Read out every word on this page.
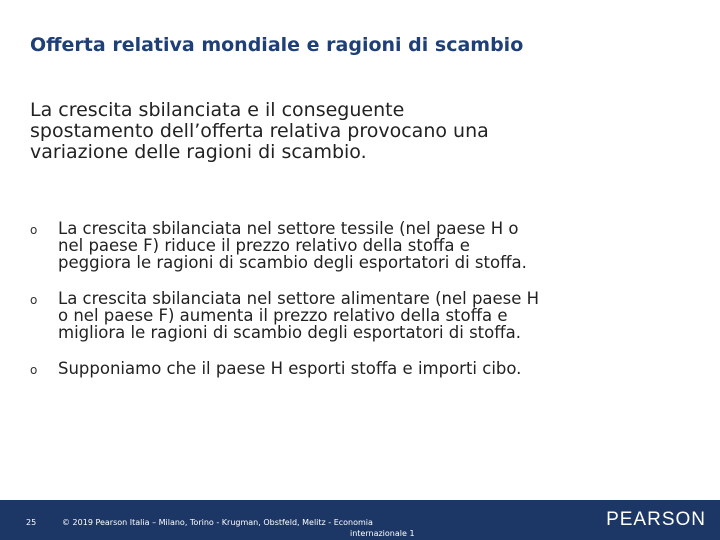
Offerta relativa mondiale e ragioni di scambio
La crescita sbilanciata e il conseguente
spostamento dell’offerta relativa provocano una
variazione delle ragioni di scambio.
o La crescita sbilanciata nel settore tessile (nel paese H o
nel paese F) riduce il prezzo relativo della stoffa e
peggiora le ragioni di scambio degli esportatori di stoffa.
o La crescita sbilanciata nel settore alimentare (nel paese H
o nel paese F) aumenta il prezzo relativo della stoffa e
migliora le ragioni di scambio degli esportatori di stoffa.
o Supponiamo che il paese H esporti stoffa e importi cibo.
25	© 2019 Pearson Italia – Milano, Torino - Krugman, Obstfeld, Melitz - Economia
internazionale 1
PEARSON
